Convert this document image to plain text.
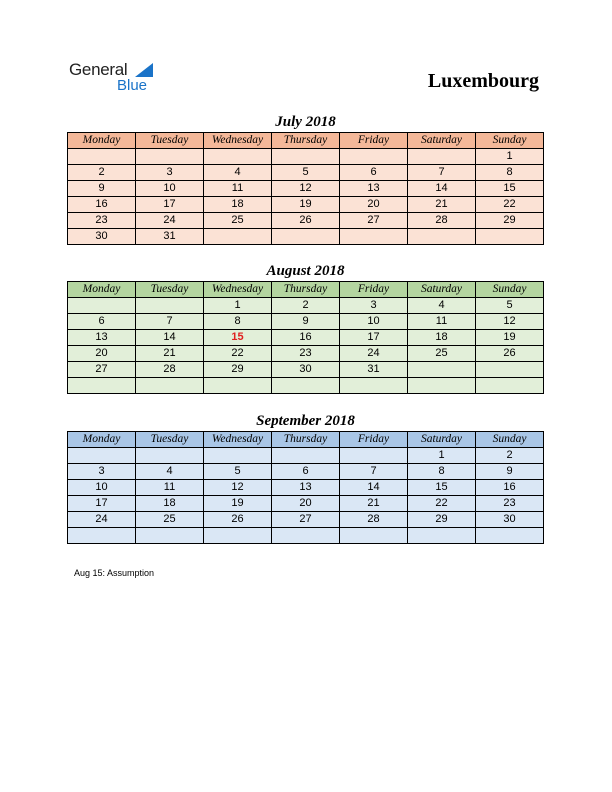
General
Blue	Luxembourg
July 2018
Monday	Tuesday	Wednesday	Thursday	Friday	Saturday	Sunday
						1
2	3	4	5	6	7	8
9	10	11	12	13	14	15
16	17	18	19	20	21	22
23	24	25	26	27	28	29
30	31					
August 2018
Monday	Tuesday	Wednesday	Thursday	Friday	Saturday	Sunday
		1	2	3	4	5
6	7	8	9	10	11	12
13	14	15	16	17	18	19
20	21	22	23	24	25	26
27	28	29	30	31		

September 2018
Monday	Tuesday	Wednesday	Thursday	Friday	Saturday	Sunday
					1	2
3	4	5	6	7	8	9
10	11	12	13	14	15	16
17	18	19	20	21	22	23
24	25	26	27	28	29	30

Aug 15: Assumption
